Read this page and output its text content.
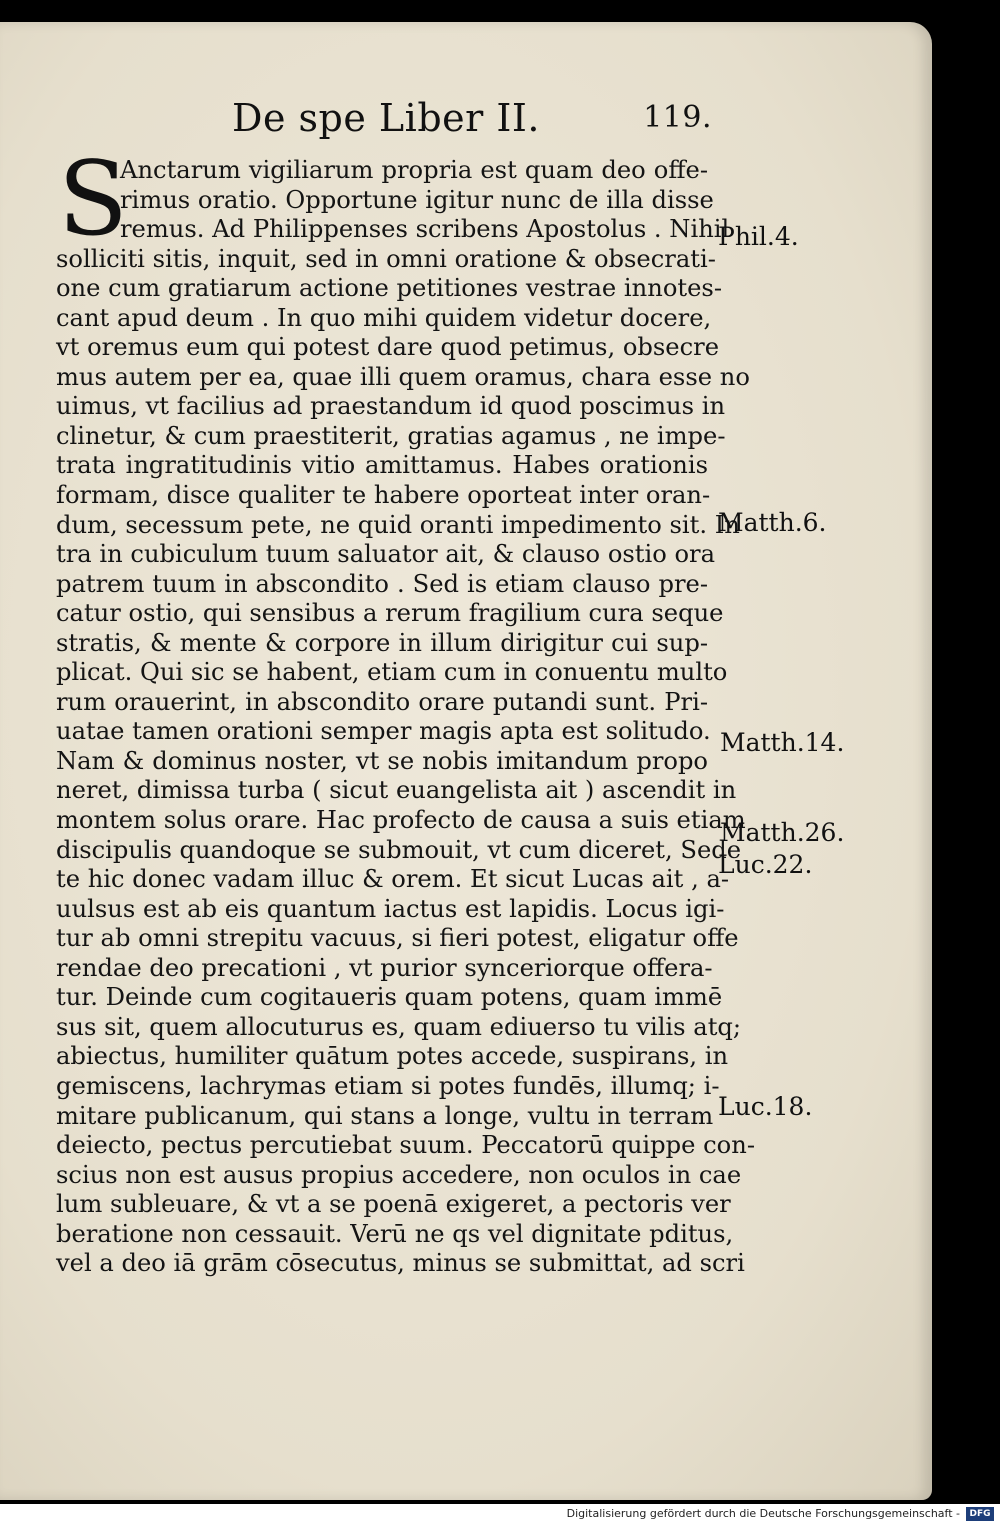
De spe Liber II.	119.
S
Anctarum vigiliarum propria est quam deo offe-
rimus oratio. Opportune igitur nunc de illa disse
remus. Ad Philippenses scribens Apostolus . Nihil
solliciti sitis, inquit, sed in omni oratione & obsecrati-
one cum gratiarum actione petitiones vestrae innotes-
cant apud deum . In quo mihi quidem videtur docere,
vt oremus eum qui potest dare quod petimus, obsecre
mus autem per ea, quae illi quem oramus, chara esse no
uimus, vt facilius ad praestandum id quod poscimus in
clinetur, & cum praestiterit, gratias agamus , ne impe-
trata ingratitudinis vitio amittamus. Habes orationis
formam, disce qualiter te habere oporteat inter oran-
dum, secessum pete, ne quid oranti impedimento sit. In
tra in cubiculum tuum saluator ait, & clauso ostio ora
patrem tuum in abscondito . Sed is etiam clauso pre-
catur ostio, qui sensibus a rerum fragilium cura seque
stratis, & mente & corpore in illum dirigitur cui sup-
plicat. Qui sic se habent, etiam cum in conuentu multo
rum orauerint, in abscondito orare putandi sunt. Pri-
uatae tamen orationi semper magis apta est solitudo.
Nam & dominus noster, vt se nobis imitandum propo
neret, dimissa turba ( sicut euangelista ait ) ascendit in
montem solus orare. Hac profecto de causa a suis etiam
discipulis quandoque se submouit, vt cum diceret, Sede
te hic donec vadam illuc & orem. Et sicut Lucas ait , a-
uulsus est ab eis quantum iactus est lapidis. Locus igi-
tur ab omni strepitu vacuus, si fieri potest, eligatur offe
rendae deo precationi , vt purior synceriorque offera-
tur. Deinde cum cogitaueris quam potens, quam immē
sus sit, quem allocuturus es, quam ediuerso tu vilis atq;
abiectus, humiliter quātum potes accede, suspirans, in
gemiscens, lachrymas etiam si potes fundēs, illumq; i-
mitare publicanum, qui stans a longe, vultu in terram
deiecto, pectus percutiebat suum. Peccatorū quippe con-
scius non est ausus propius accedere, non oculos in cae
lum subleuare, & vt a se poenā exigeret, a pectoris ver
beratione non cessauit. Verū ne qs vel dignitate pditus,
vel a deo iā grām cōsecutus, minus se submittat, ad scri
Phil.4.
Matth.6.
Matth.14.
Matth.26.
Luc.22.
Luc.18.
Digitalisierung gefördert durch die Deutsche Forschungsgemeinschaft -	DFG
